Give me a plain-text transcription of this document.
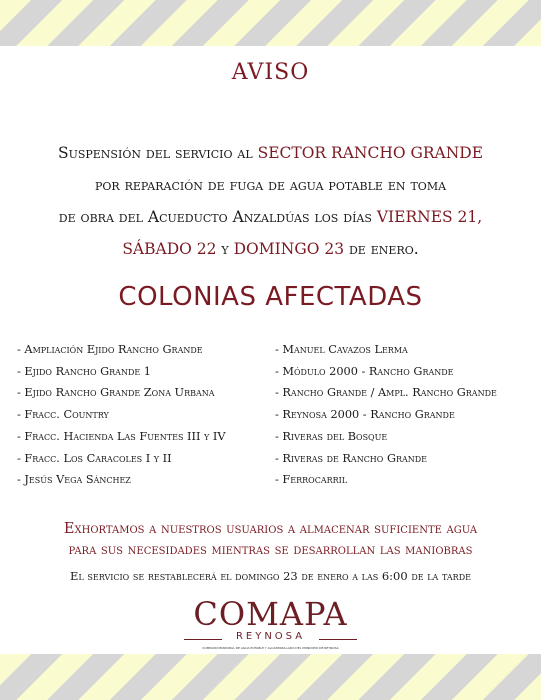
AVISO
Suspensión del servicio al SECTOR RANCHO GRANDE
por reparación de fuga de agua potable en toma
de obra del Acueducto Anzaldúas los días VIERNES 21,
SÁBADO 22 y DOMINGO 23 de enero.
COLONIAS AFECTADAS
- Ampliación Ejido Rancho Grande
- Ejido Rancho Grande 1
- Ejido Rancho Grande Zona Urbana
- Fracc. Country
- Fracc. Hacienda Las Fuentes III y IV
- Fracc. Los Caracoles I y II
- Jesús Vega Sánchez
- Manuel Cavazos Lerma
- Módulo 2000 - Rancho Grande
- Rancho Grande / Ampl. Rancho Grande
- Reynosa 2000 - Rancho Grande
- Riveras del Bosque
- Riveras de Rancho Grande
- Ferrocarril
Exhortamos a nuestros usuarios a almacenar suficiente agua
para sus necesidades mientras se desarrollan las maniobras
El servicio se restablecerá el domingo 23 de enero a las 6:00 de la tarde
COMAPA
REYNOSA
COMISIÓN MUNICIPAL DE AGUA POTABLE Y ALCANTARILLADO DEL MUNICIPIO DE REYNOSA
